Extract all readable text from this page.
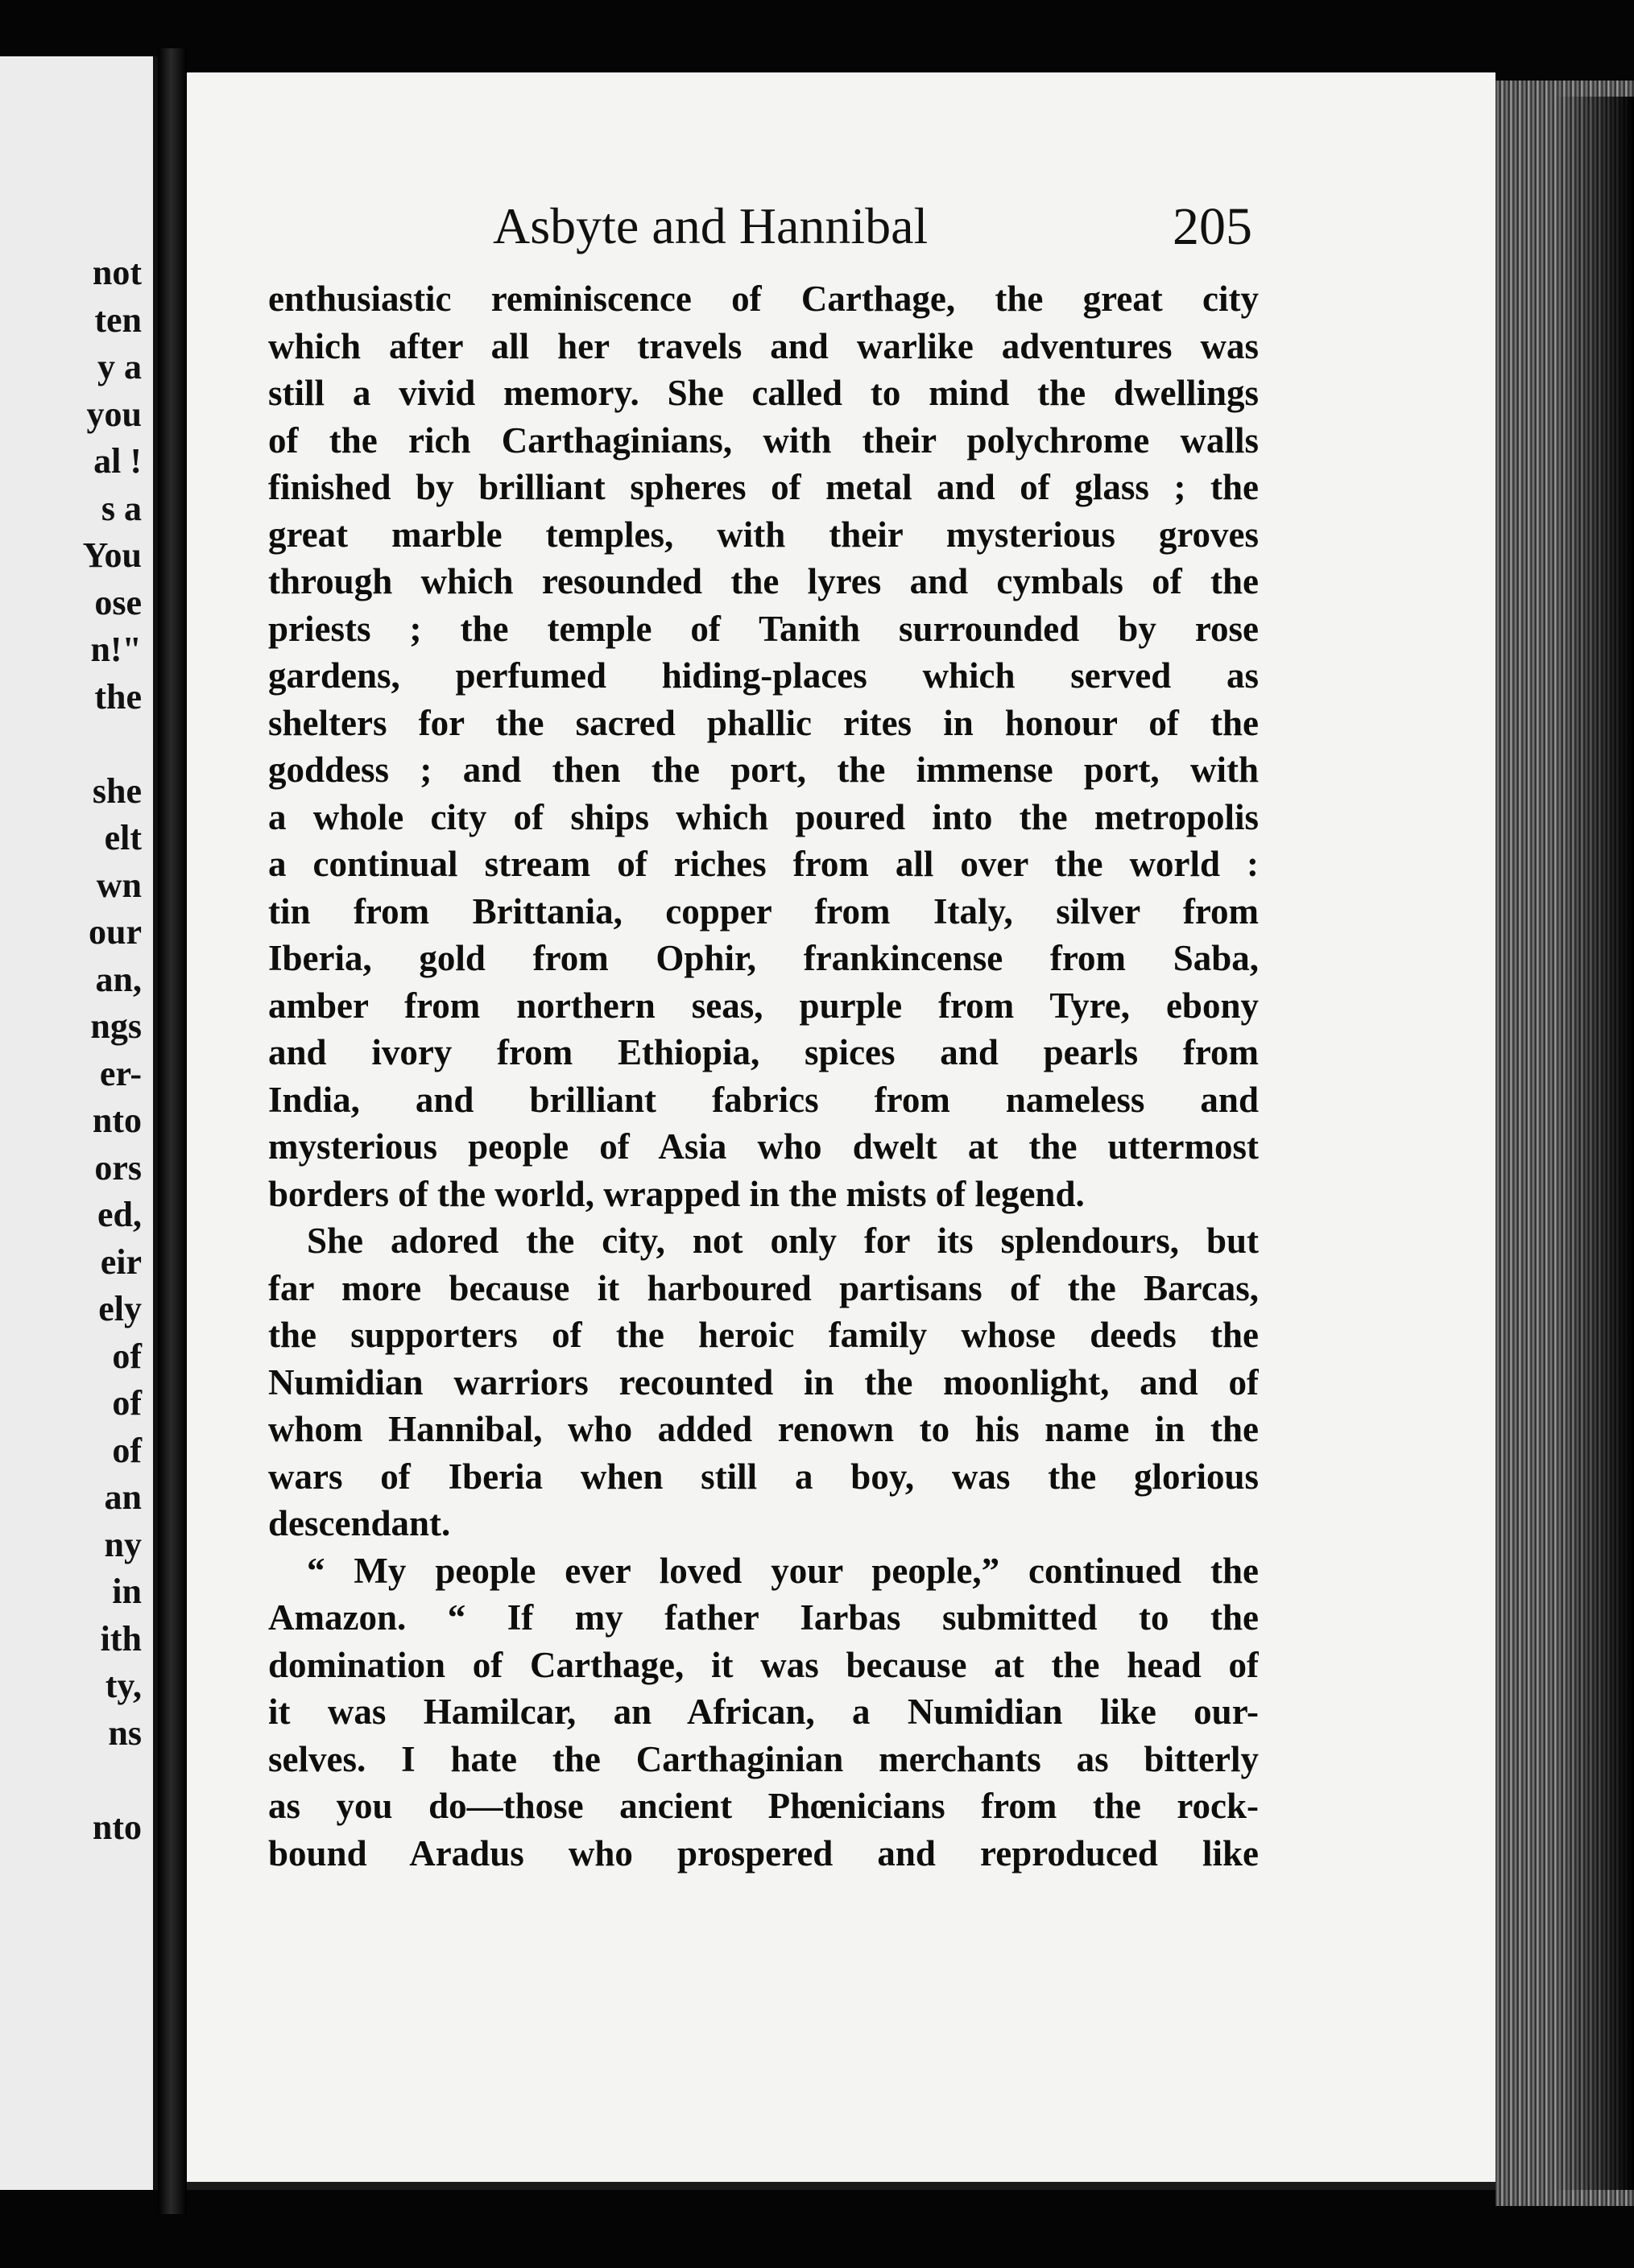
not
ten
y a
you
al !
s a
You
ose
n!"
the
she
elt
wn
our
an,
ngs
er-
nto
ors
ed,
eir
ely
of
of
of
an
ny
in
ith
ty,
ns
nto
Asbyte and Hannibal	205
enthusiastic reminiscence of Carthage, the great city
which after all her travels and warlike adventures was
still a vivid memory. She called to mind the dwellings
of the rich Carthaginians, with their polychrome walls
finished by brilliant spheres of metal and of glass ; the
great marble temples, with their mysterious groves
through which resounded the lyres and cymbals of the
priests ; the temple of Tanith surrounded by rose
gardens, perfumed hiding-places which served as
shelters for the sacred phallic rites in honour of the
goddess ; and then the port, the immense port, with
a whole city of ships which poured into the metropolis
a continual stream of riches from all over the world :
tin from Brittania, copper from Italy, silver from
Iberia, gold from Ophir, frankincense from Saba,
amber from northern seas, purple from Tyre, ebony
and ivory from Ethiopia, spices and pearls from
India, and brilliant fabrics from nameless and
mysterious people of Asia who dwelt at the uttermost
borders of the world, wrapped in the mists of legend.
She adored the city, not only for its splendours, but
far more because it harboured partisans of the Barcas,
the supporters of the heroic family whose deeds the
Numidian warriors recounted in the moonlight, and of
whom Hannibal, who added renown to his name in the
wars of Iberia when still a boy, was the glorious
descendant.
“ My people ever loved your people,” continued the
Amazon. “ If my father Iarbas submitted to the
domination of Carthage, it was because at the head of
it was Hamilcar, an African, a Numidian like our-
selves. I hate the Carthaginian merchants as bitterly
as you do—those ancient Phœnicians from the rock-
bound Aradus who prospered and reproduced like
